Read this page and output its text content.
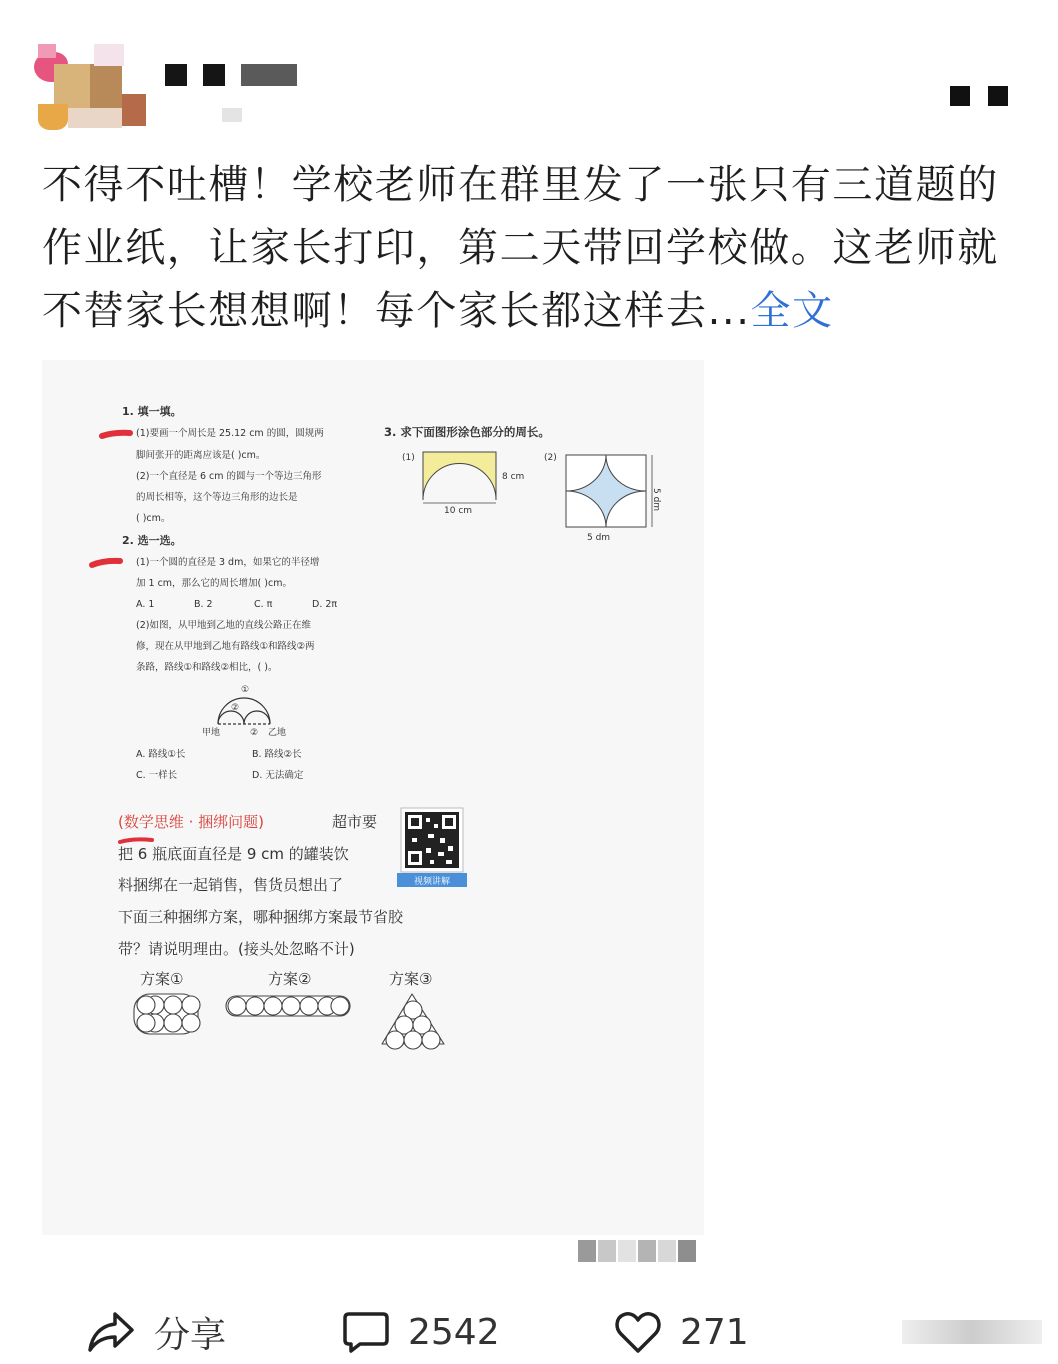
不得不吐槽！学校老师在群里发了一张只有三道题的作业纸，让家长打印，第二天带回学校做。这老师就不替家长想想啊！每个家长都这样去...全文
1. 填一填。
(1)要画一个周长是 25.12 cm 的圆，圆规两
脚间张开的距离应该是( )cm。
(2)一个直径是 6 cm 的圆与一个等边三角形
的周长相等，这个等边三角形的边长是
( )cm。
2. 选一选。
(1)一个圆的直径是 3 dm，如果它的半径增
加 1 cm，那么它的周长增加( )cm。
A. 1	B. 2	C. π	D. 2π
(2)如图，从甲地到乙地的直线公路正在维
修，现在从甲地到乙地有路线①和路线②两
条路，路线①和路线②相比，( )。
①
②
甲地	② 乙地
A. 路线①长	B. 路线②长
C. 一样长	D. 无法确定
3. 求下面图形涂色部分的周长。
(1)
8 cm
10 cm
(2)
5 dm
5 dm
(数学思维 · 捆绑问题)	超市要
把 6 瓶底面直径是 9 cm 的罐装饮
料捆绑在一起销售，售货员想出了
下面三种捆绑方案，哪种捆绑方案最节省胶
带？请说明理由。(接头处忽略不计)
视频讲解
方案①	方案②	方案③
分享	2542	271
